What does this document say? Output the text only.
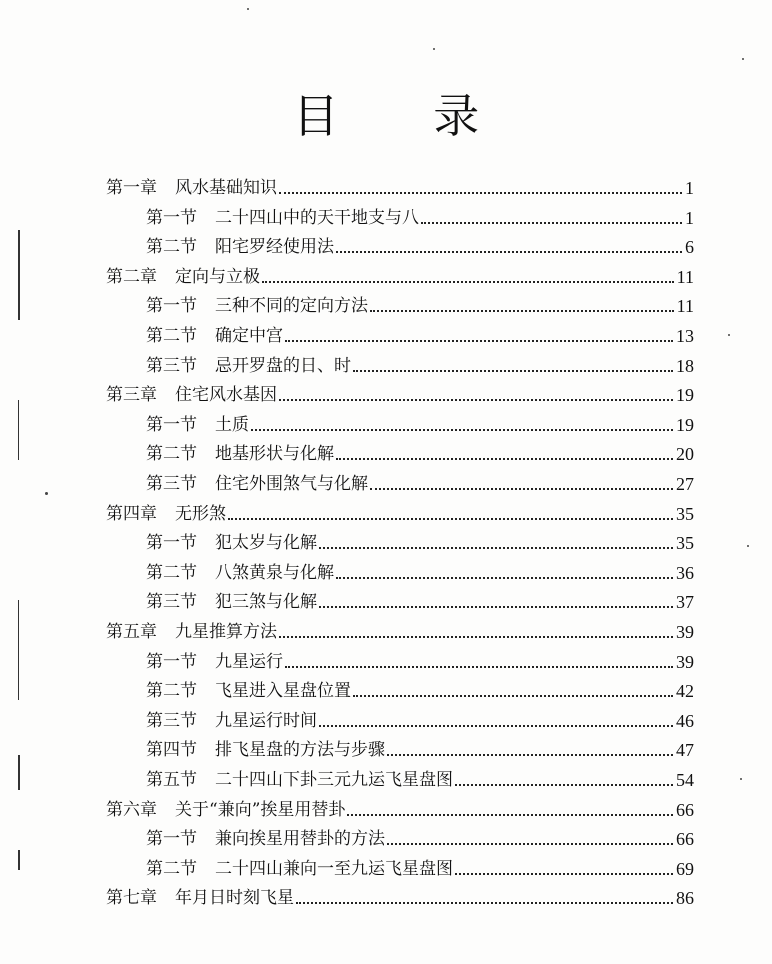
目 录
第一章 风水基础知识	1
第一节 二十四山中的天干地支与八	1
第二节 阳宅罗经使用法	6
第二章 定向与立极	11
第一节 三种不同的定向方法	11
第二节 确定中宫	13
第三节 忌开罗盘的日、时	18
第三章 住宅风水基因	19
第一节 土质	19
第二节 地基形状与化解	20
第三节 住宅外围煞气与化解	27
第四章 无形煞	35
第一节 犯太岁与化解	35
第二节 八煞黄泉与化解	36
第三节 犯三煞与化解	37
第五章 九星推算方法	39
第一节 九星运行	39
第二节 飞星进入星盘位置	42
第三节 九星运行时间	46
第四节 排飞星盘的方法与步骤	47
第五节 二十四山下卦三元九运飞星盘图	54
第六章 关于“兼向”挨星用替卦	66
第一节 兼向挨星用替卦的方法	66
第二节 二十四山兼向一至九运飞星盘图	69
第七章 年月日时刻飞星	86
